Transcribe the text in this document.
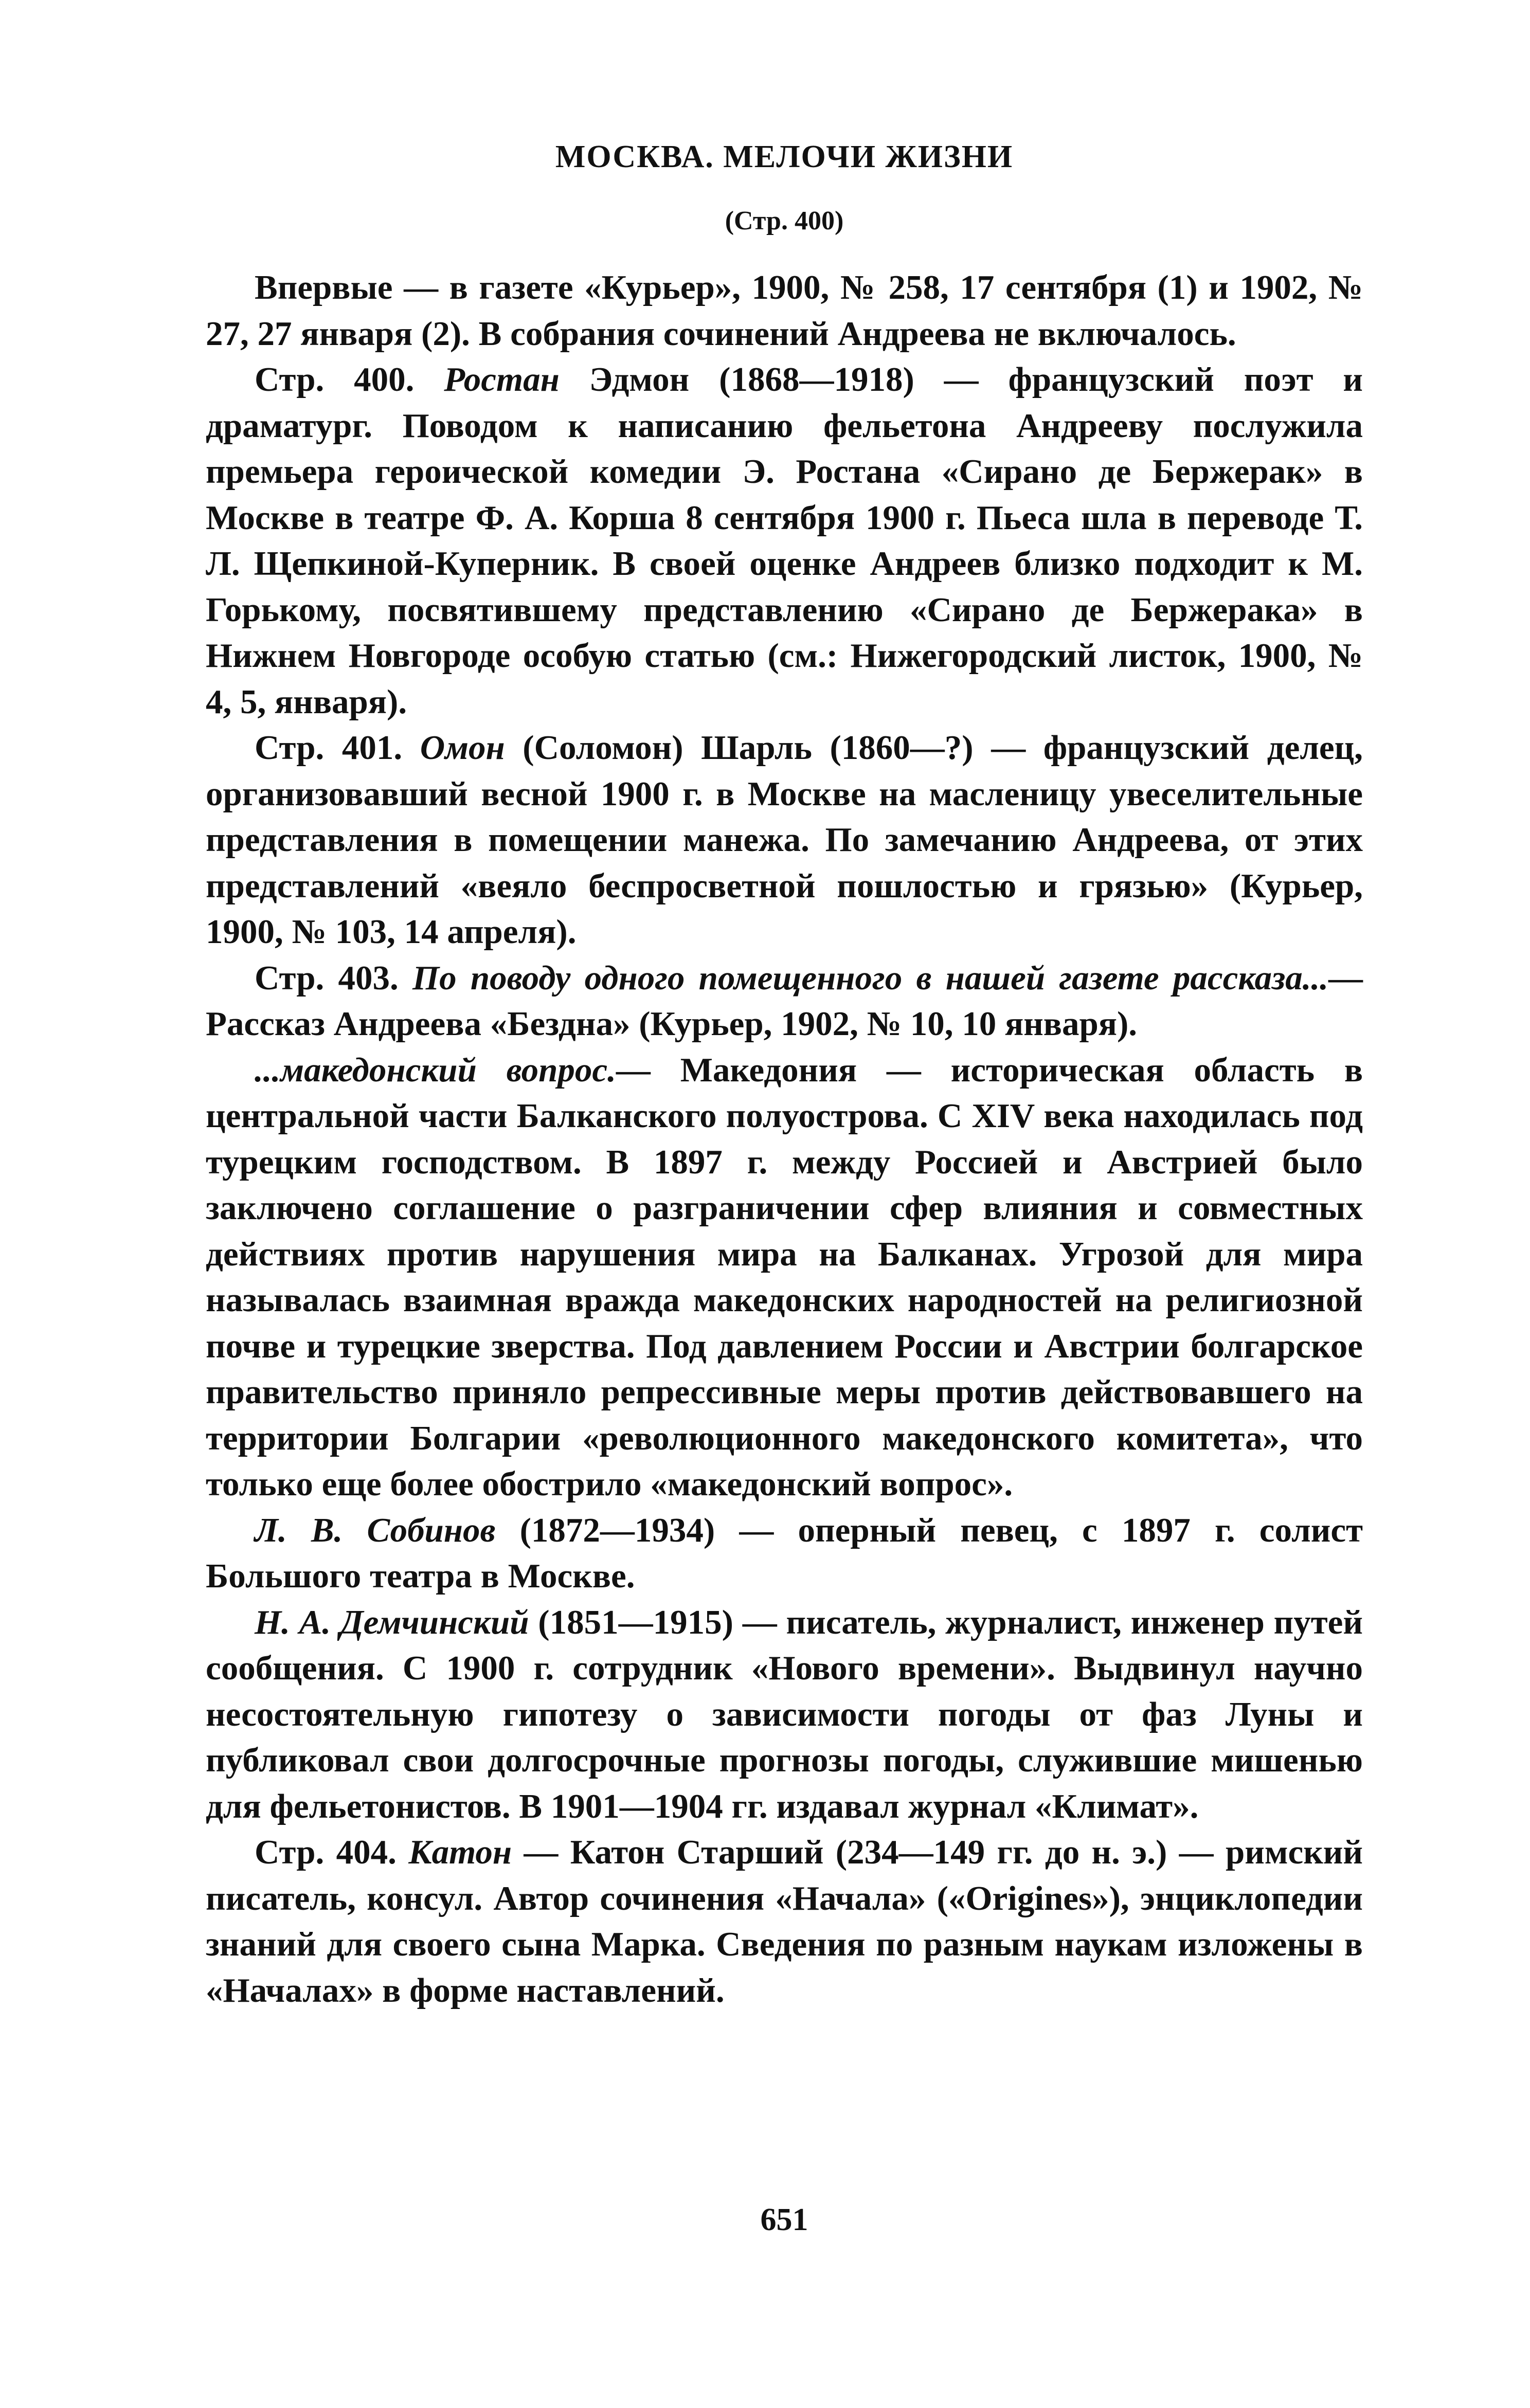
МОСКВА. МЕЛОЧИ ЖИЗНИ
(Стр. 400)

Впервые — в газете «Курьер», 1900, № 258, 17 сентября (1) и 1902, № 27, 27 января (2). В собрания сочинений Андреева не включалось.

Стр. 400. Ростан Эдмон (1868—1918) — французский поэт и драматург. Поводом к написанию фельетона Андрееву послужила премьера героической комедии Э. Ростана «Сирано де Бержерак» в Москве в театре Ф. А. Корша 8 сентября 1900 г. Пьеса шла в переводе Т. Л. Щепкиной-Куперник. В своей оценке Андреев близко подходит к М. Горькому, посвятившему представлению «Сирано де Бержерака» в Нижнем Новгороде особую статью (см.: Нижегородский листок, 1900, № 4, 5, января).

Стр. 401. Омон (Соломон) Шарль (1860—?) — французский делец, организовавший весной 1900 г. в Москве на масленицу увеселительные представления в помещении манежа. По замечанию Андреева, от этих представлений «веяло беспросветной пошлостью и грязью» (Курьер, 1900, № 103, 14 апреля).

Стр. 403. По поводу одного помещенного в нашей газете рассказа...— Рассказ Андреева «Бездна» (Курьер, 1902, № 10, 10 января).

...македонский вопрос.— Македония — историческая область в центральной части Балканского полуострова. С XIV века находилась под турецким господством. В 1897 г. между Россией и Австрией было заключено соглашение о разграничении сфер влияния и совместных действиях против нарушения мира на Балканах. Угрозой для мира называлась взаимная вражда македонских народностей на религиозной почве и турецкие зверства. Под давлением России и Австрии болгарское правительство приняло репрессивные меры против действовавшего на территории Болгарии «революционного македонского комитета», что только еще более обострило «македонский вопрос».

Л. В. Собинов (1872—1934) — оперный певец, с 1897 г. солист Большого театра в Москве.

Н. А. Демчинский (1851—1915) — писатель, журналист, инженер путей сообщения. С 1900 г. сотрудник «Нового времени». Выдвинул научно несостоятельную гипотезу о зависимости погоды от фаз Луны и публиковал свои долгосрочные прогнозы погоды, служившие мишенью для фельетонистов. В 1901—1904 гг. издавал журнал «Климат».

Стр. 404. Катон — Катон Старший (234—149 гг. до н. э.) — римский писатель, консул. Автор сочинения «Начала» («Origines»), энциклопедии знаний для своего сына Марка. Сведения по разным наукам изложены в «Началах» в форме наставлений.

651
